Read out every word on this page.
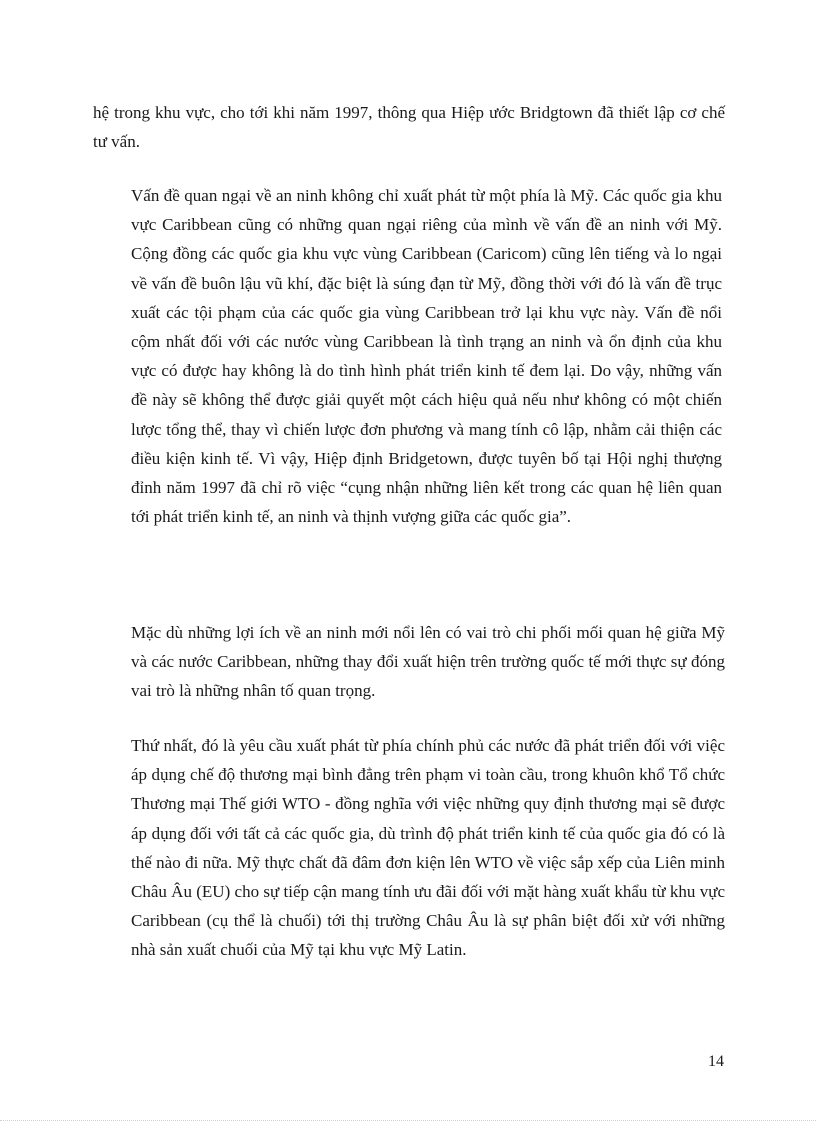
hệ trong khu vực, cho tới khi năm 1997, thông qua Hiệp ước Bridgtown đã thiết lập cơ chế tư vấn.

Vấn đề quan ngại về an ninh không chỉ xuất phát từ một phía là Mỹ. Các quốc gia khu vực Caribbean cũng có những quan ngại riêng của mình về vấn đề an ninh với Mỹ. Cộng đồng các quốc gia khu vực vùng Caribbean (Caricom) cũng lên tiếng và lo ngại về vấn đề buôn lậu vũ khí, đặc biệt là súng đạn từ Mỹ, đồng thời với đó là vấn đề trục xuất các tội phạm của các quốc gia vùng Caribbean trở lại khu vực này. Vấn đề nổi cộm nhất đối với các nước vùng Caribbean là tình trạng an ninh và ổn định của khu vực có được hay không là do tình hình phát triển kinh tế đem lại. Do vậy, những vấn đề này sẽ không thể được giải quyết một cách hiệu quả nếu như không có một chiến lược tổng thể, thay vì chiến lược đơn phương và mang tính cô lập, nhằm cải thiện các điều kiện kinh tế. Vì vậy, Hiệp định Bridgetown, được tuyên bố tại Hội nghị thượng đỉnh năm 1997 đã chỉ rõ việc “cụng nhận những liên kết trong các quan hệ liên quan tới phát triển kinh tế, an ninh và thịnh vượng giữa các quốc gia”.

Mặc dù những lợi ích về an ninh mới nổi lên có vai trò chi phối mối quan hệ giữa Mỹ và các nước Caribbean, những thay đổi xuất hiện trên trường quốc tế mới thực sự đóng vai trò là những nhân tố quan trọng.

Thứ nhất, đó là yêu cầu xuất phát từ phía chính phủ các nước đã phát triển đối với việc áp dụng chế độ thương mại bình đẳng trên phạm vi toàn cầu, trong khuôn khổ Tổ chức Thương mại Thế giới WTO - đồng nghĩa với việc những quy định thương mại sẽ được áp dụng đối với tất cả các quốc gia, dù trình độ phát triển kinh tế của quốc gia đó có là thế nào đi nữa. Mỹ thực chất đã đâm đơn kiện lên WTO về việc sắp xếp của Liên minh Châu Âu (EU) cho sự tiếp cận mang tính ưu đãi đối với mặt hàng xuất khẩu từ khu vực Caribbean (cụ thể là chuối) tới thị trường Châu Âu là sự phân biệt đối xử với những nhà sản xuất chuối của Mỹ tại khu vực Mỹ Latin.

14
